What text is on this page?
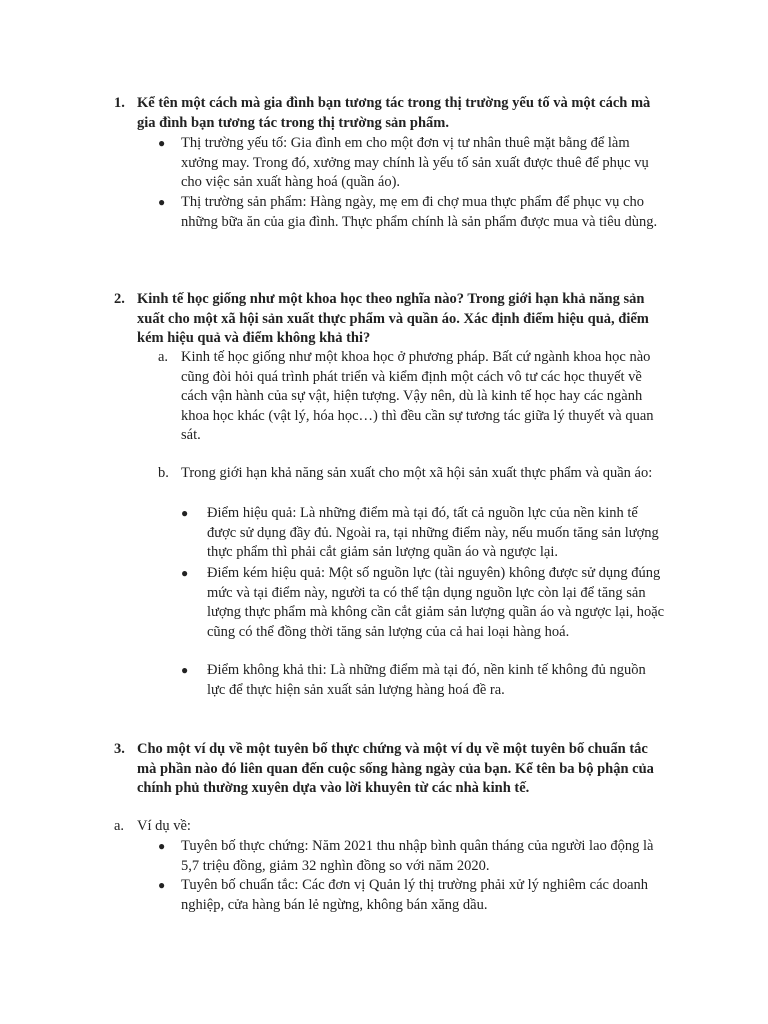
1. Kể tên một cách mà gia đình bạn tương tác trong thị trường yếu tố và một cách mà gia đình bạn tương tác trong thị trường sản phẩm.
● Thị trường yếu tố: Gia đình em cho một đơn vị tư nhân thuê mặt bằng để làm xưởng may. Trong đó, xưởng may chính là yếu tố sản xuất được thuê để phục vụ cho việc sản xuất hàng hoá (quần áo).
● Thị trường sản phẩm: Hàng ngày, mẹ em đi chợ mua thực phẩm để phục vụ cho những bữa ăn của gia đình. Thực phẩm chính là sản phẩm được mua và tiêu dùng.
2. Kinh tế học giống như một khoa học theo nghĩa nào? Trong giới hạn khả năng sản xuất cho một xã hội sản xuất thực phẩm và quần áo. Xác định điểm hiệu quả, điểm kém hiệu quả và điểm không khả thi?
a. Kinh tế học giống như một khoa học ở phương pháp. Bất cứ ngành khoa học nào cũng đòi hỏi quá trình phát triển và kiểm định một cách vô tư các học thuyết về cách vận hành của sự vật, hiện tượng. Vậy nên, dù là kinh tế học hay các ngành khoa học khác (vật lý, hóa học…) thì đều cần sự tương tác giữa lý thuyết và quan sát.
b. Trong giới hạn khả năng sản xuất cho một xã hội sản xuất thực phẩm và quần áo:
● Điểm hiệu quả: Là những điểm mà tại đó, tất cả nguồn lực của nền kinh tế được sử dụng đầy đủ. Ngoài ra, tại những điểm này, nếu muốn tăng sản lượng thực phẩm thì phải cắt giảm sản lượng quần áo và ngược lại.
● Điểm kém hiệu quả: Một số nguồn lực (tài nguyên) không được sử dụng đúng mức và tại điểm này, người ta có thể tận dụng nguồn lực còn lại để tăng sản lượng thực phẩm mà không cần cắt giảm sản lượng quần áo và ngược lại, hoặc cũng có thể đồng thời tăng sản lượng của cả hai loại hàng hoá.
● Điểm không khả thi: Là những điểm mà tại đó, nền kinh tế không đủ nguồn lực để thực hiện sản xuất sản lượng hàng hoá đề ra.
3. Cho một ví dụ về một tuyên bố thực chứng và một ví dụ về một tuyên bố chuẩn tắc mà phần nào đó liên quan đến cuộc sống hàng ngày của bạn. Kể tên ba bộ phận của chính phủ thường xuyên dựa vào lời khuyên từ các nhà kinh tế.
a. Ví dụ về:
● Tuyên bố thực chứng: Năm 2021 thu nhập bình quân tháng của người lao động là 5,7 triệu đồng, giảm 32 nghìn đồng so với năm 2020.
● Tuyên bố chuẩn tắc: Các đơn vị Quản lý thị trường phải xử lý nghiêm các doanh nghiệp, cửa hàng bán lẻ ngừng, không bán xăng dầu.
